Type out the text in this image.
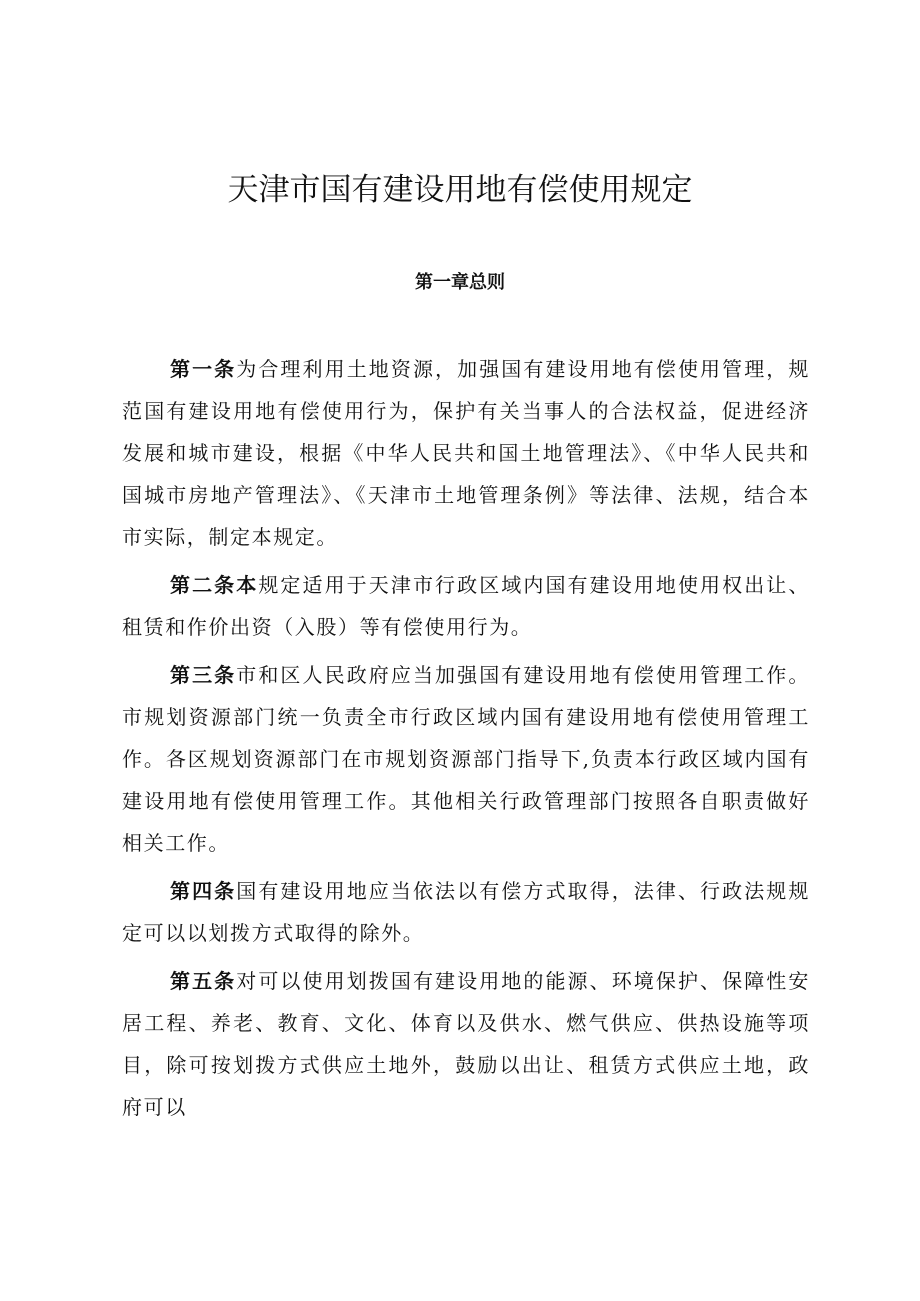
天津市国有建设用地有偿使用规定
第一章总则

第一条为合理利用土地资源，加强国有建设用地有偿使用管理，规范国有建设用地有偿使用行为，保护有关当事人的合法权益，促进经济发展和城市建设，根据《中华人民共和国土地管理法》、《中华人民共和国城市房地产管理法》、《天津市土地管理条例》等法律、法规，结合本市实际，制定本规定。

第二条本规定适用于天津市行政区域内国有建设用地使用权出让、租赁和作价出资（入股）等有偿使用行为。

第三条市和区人民政府应当加强国有建设用地有偿使用管理工作。市规划资源部门统一负责全市行政区域内国有建设用地有偿使用管理工作。各区规划资源部门在市规划资源部门指导下,负责本行政区域内国有建设用地有偿使用管理工作。其他相关行政管理部门按照各自职责做好相关工作。

第四条国有建设用地应当依法以有偿方式取得，法律、行政法规规定可以以划拨方式取得的除外。

第五条对可以使用划拨国有建设用地的能源、环境保护、保障性安居工程、养老、教育、文化、体育以及供水、燃气供应、供热设施等项目，除可按划拨方式供应土地外，鼓励以出让、租赁方式供应土地，政府可以
